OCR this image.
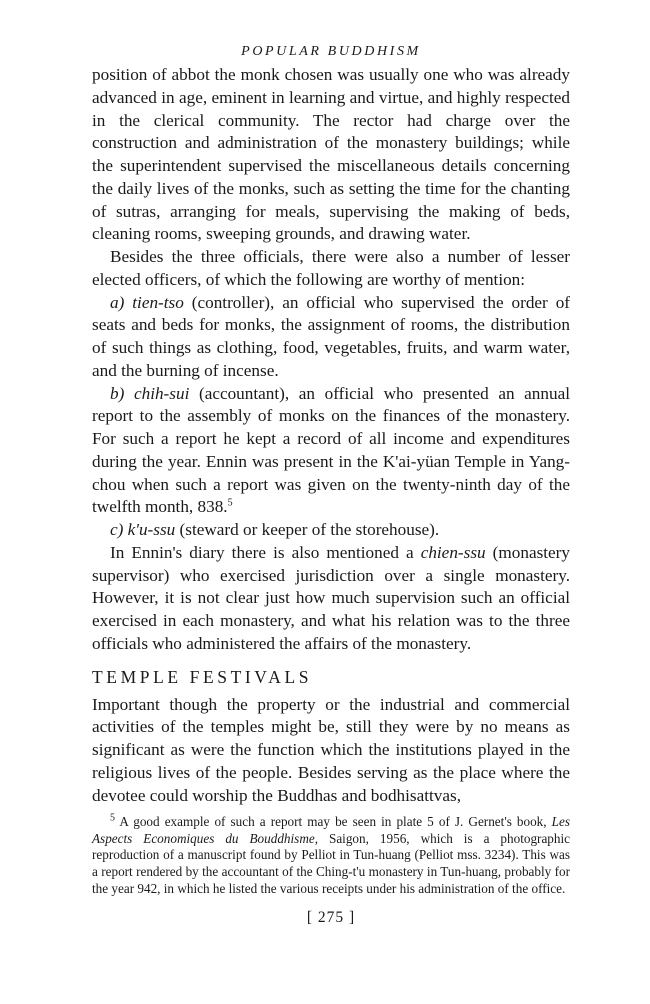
POPULAR BUDDHISM

position of abbot the monk chosen was usually one who was already advanced in age, eminent in learning and virtue, and highly respected in the clerical community. The rector had charge over the construction and administration of the monastery buildings; while the superintendent supervised the miscellaneous details concerning the daily lives of the monks, such as setting the time for the chanting of sutras, arranging for meals, supervising the making of beds, cleaning rooms, sweeping grounds, and drawing water.

Besides the three officials, there were also a number of lesser elected officers, of which the following are worthy of mention:

a) tien-tso (controller), an official who supervised the order of seats and beds for monks, the assignment of rooms, the distribution of such things as clothing, food, vegetables, fruits, and warm water, and the burning of incense.

b) chih-sui (accountant), an official who presented an annual report to the assembly of monks on the finances of the monastery. For such a report he kept a record of all income and expenditures during the year. Ennin was present in the K'ai-yüan Temple in Yang-chou when such a report was given on the twenty-ninth day of the twelfth month, 838.$^5$

c) k'u-ssu (steward or keeper of the storehouse).

In Ennin's diary there is also mentioned a chien-ssu (monastery supervisor) who exercised jurisdiction over a single monastery. However, it is not clear just how much supervision such an official exercised in each monastery, and what his relation was to the three officials who administered the affairs of the monastery.

TEMPLE FESTIVALS

Important though the property or the industrial and commercial activities of the temples might be, still they were by no means as significant as were the function which the institutions played in the religious lives of the people. Besides serving as the place where the devotee could worship the Buddhas and bodhisattvas,

$^5$ A good example of such a report may be seen in plate 5 of J. Gernet's book, Les Aspects Economiques du Bouddhisme, Saigon, 1956, which is a photographic reproduction of a manuscript found by Pelliot in Tun-huang (Pelliot mss. 3234). This was a report rendered by the accountant of the Ching-t'u monastery in Tun-huang, probably for the year 942, in which he listed the various receipts under his administration of the office.

[ 275 ]
